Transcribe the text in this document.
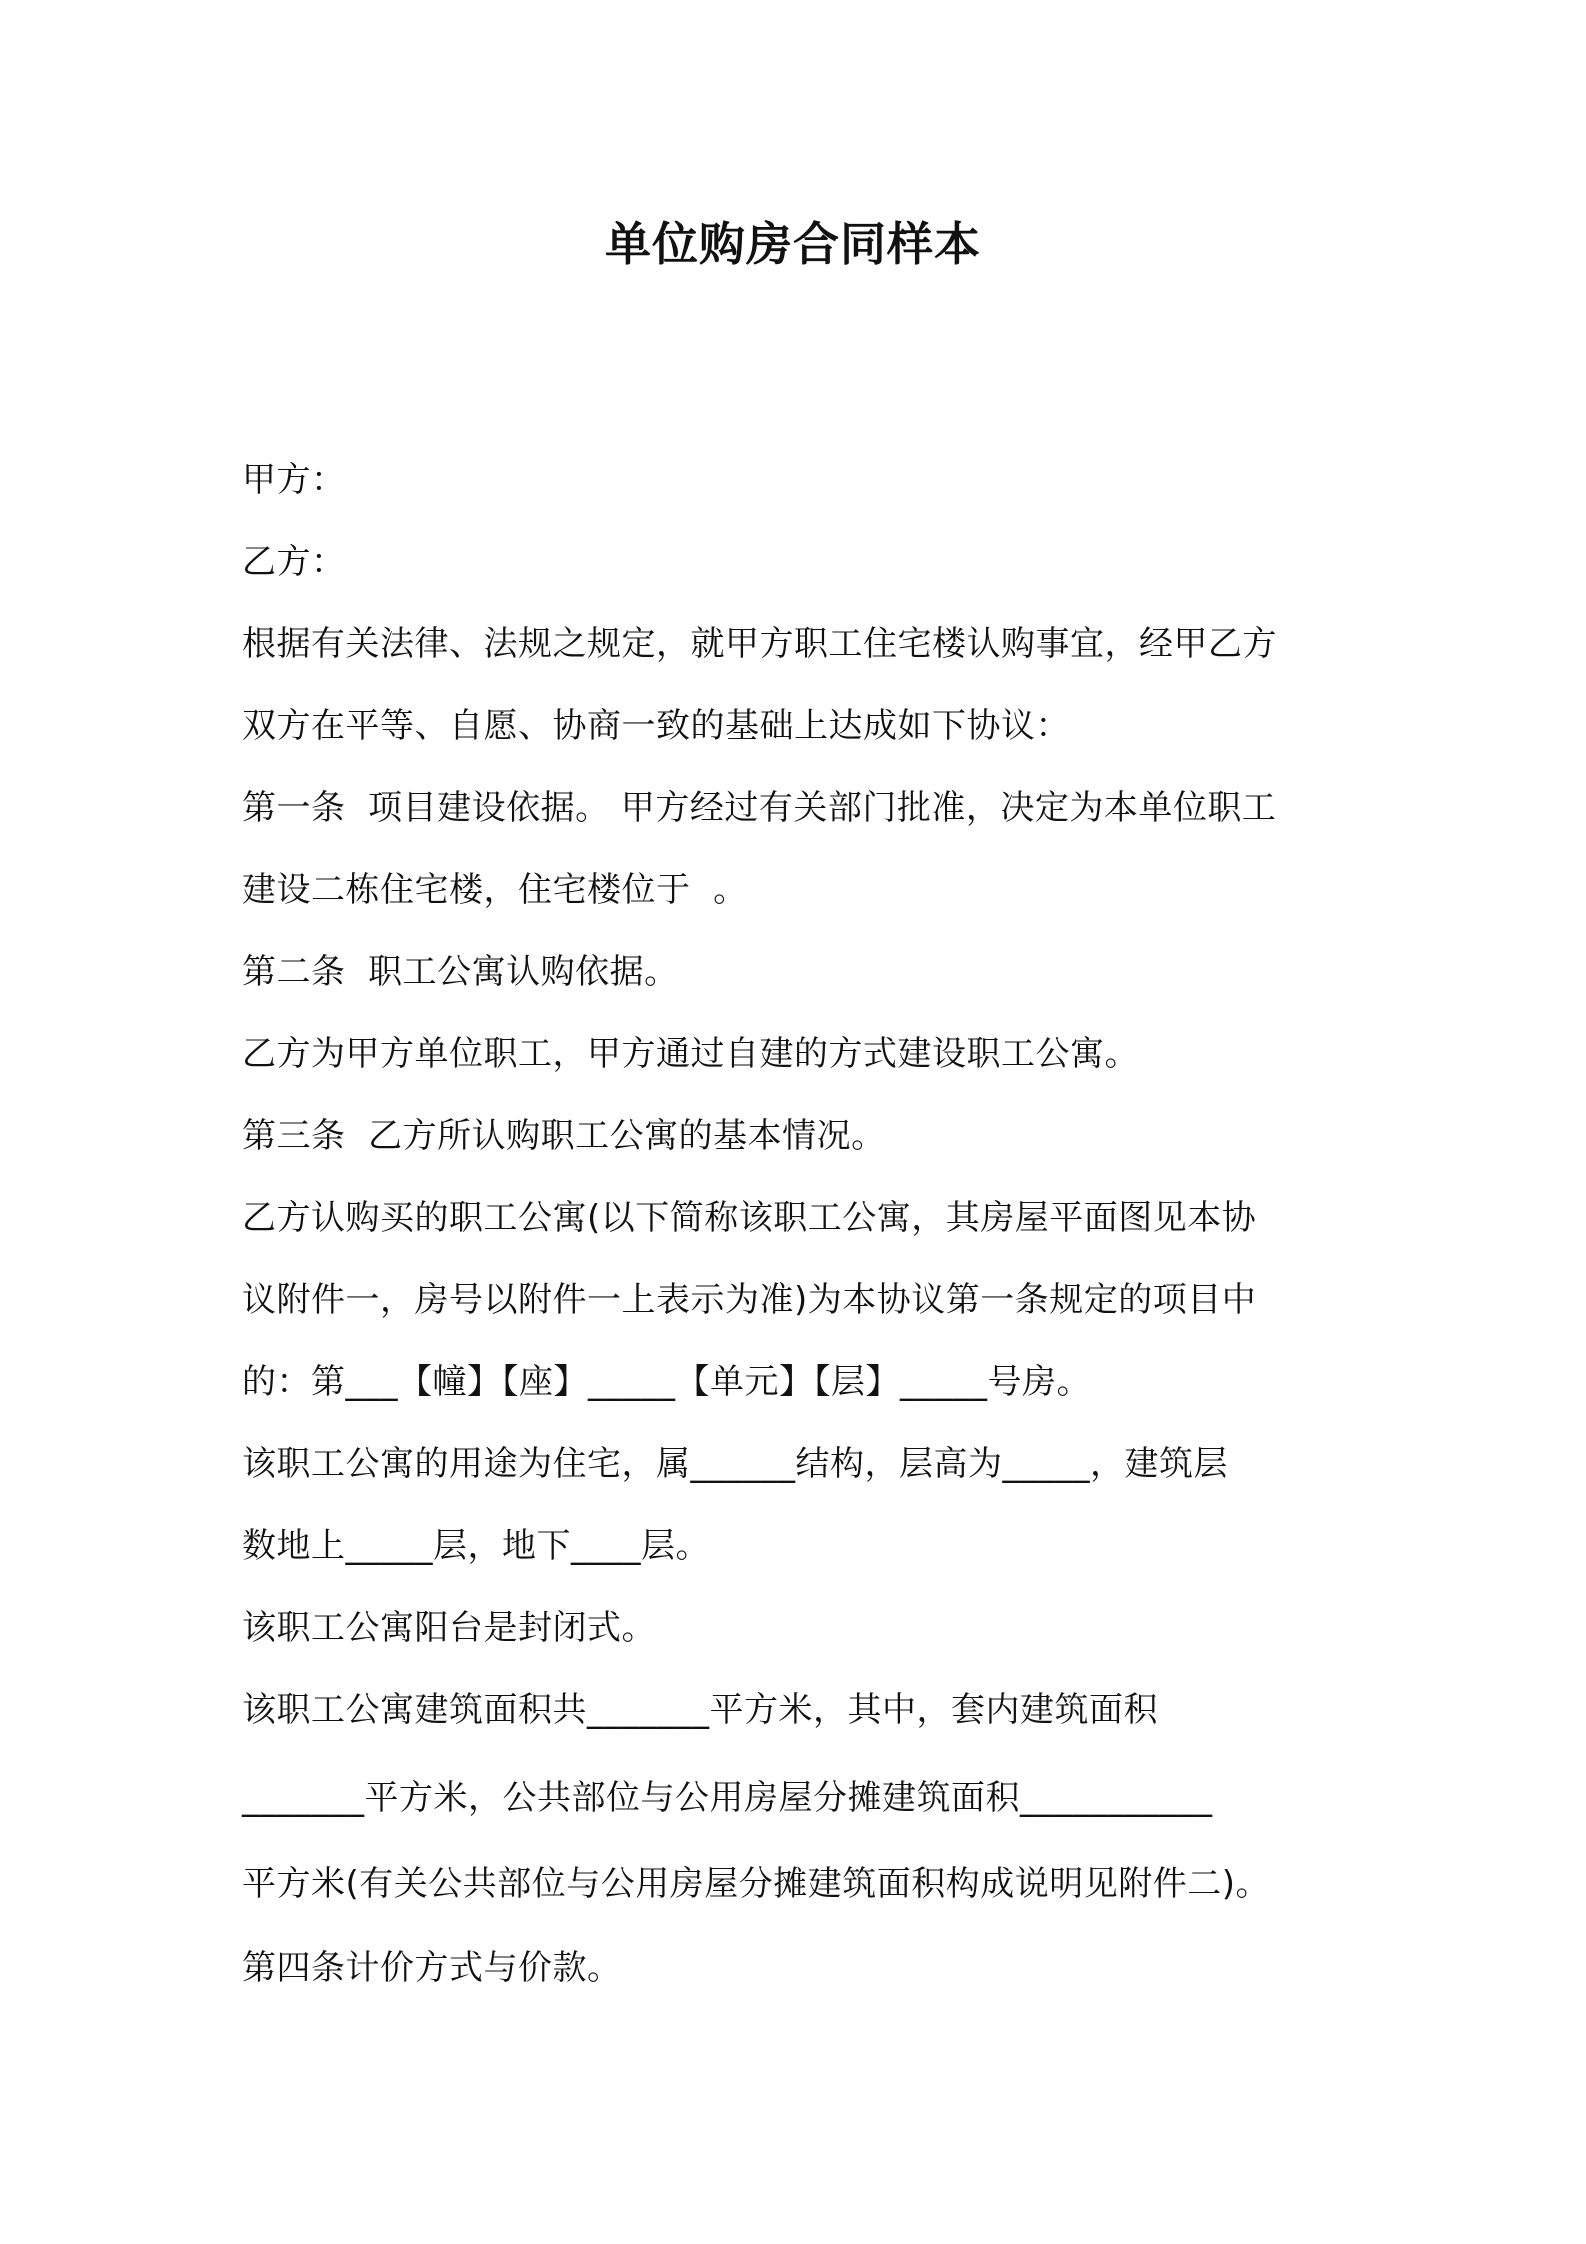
单位购房合同样本
甲方：
乙方：
根据有关法律、法规之规定，就甲方职工住宅楼认购事宜，经甲乙方
双方在平等、自愿、协商一致的基础上达成如下协议：
第一条  项目建设依据。 甲方经过有关部门批准，决定为本单位职工
建设二栋住宅楼，住宅楼位于  。
第二条  职工公寓认购依据。
乙方为甲方单位职工，甲方通过自建的方式建设职工公寓。
第三条  乙方所认购职工公寓的基本情况。
乙方认购买的职工公寓(以下简称该职工公寓，其房屋平面图见本协
议附件一，房号以附件一上表示为准)为本协议第一条规定的项目中
的：第___【幢】【座】_____【单元】【层】_____号房。
该职工公寓的用途为住宅，属______结构，层高为_____，建筑层
数地上_____层，地下____层。
该职工公寓阳台是封闭式。
该职工公寓建筑面积共_______平方米，其中，套内建筑面积
_______平方米，公共部位与公用房屋分摊建筑面积___________
平方米(有关公共部位与公用房屋分摊建筑面积构成说明见附件二)。
第四条计价方式与价款。
